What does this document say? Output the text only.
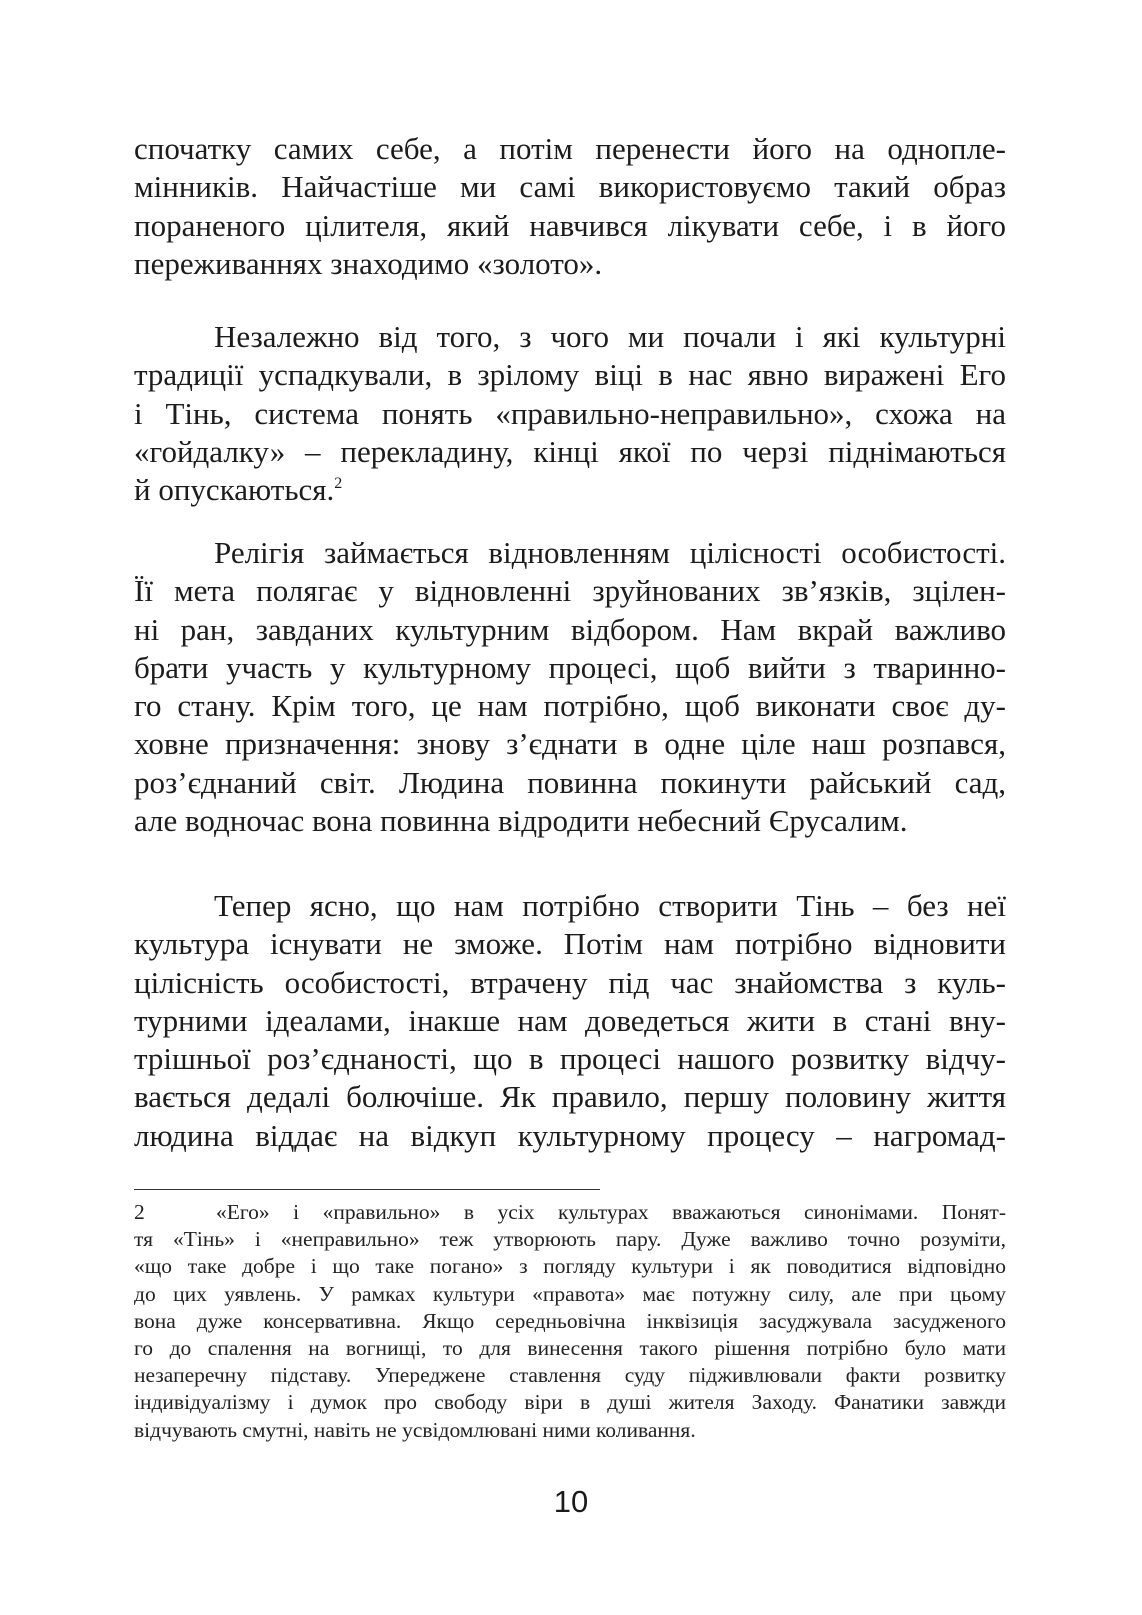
спочатку самих себе, а потім перенести його на одноплe-
мінників. Найчастіше ми самі використовуємо такий образ
пораненого цілителя, який навчився лікувати себе, і в його
переживаннях знаходимо «золото».
Незалежно від того, з чого ми почали і які культурні
традиції успадкували, в зрілому віці в нас явно виражені Его
і Тінь, система понять «правильно-неправильно», схожа на
«гойдалку» – перекладину, кінці якої по черзі піднімаються
й опускаються.$^2$
Релігія займається відновленням цілісності особистості.
Її мета полягає у відновленні зруйнованих зв’язків, зцілен-
ні ран, завданих культурним відбором. Нам вкрай важливо
брати участь у культурному процесі, щоб вийти з тваринно-
го стану. Крім того, це нам потрібно, щоб виконати своє ду-
ховне призначення: знову з’єднати в одне ціле наш розпався,
роз’єднаний світ. Людина повинна покинути райський сад,
але водночас вона повинна відродити небесний Єрусалим.
Тепер ясно, що нам потрібно створити Тінь – без неї
культура існувати не зможе. Потім нам потрібно відновити
цілісність особистості, втрачену під час знайомства з куль-
турними ідеалами, інакше нам доведеться жити в стані вну-
трішньої роз’єднаності, що в процесі нашого розвитку відчу-
вається дедалі болючіше. Як правило, першу половину життя
людина віддає на відкуп культурному процесу – нагромад-
2	«Его» і «правильно» в усіх культурах вважаються синонімами. Понят-
тя «Тінь» і «неправильно» теж утворюють пару. Дуже важливо точно розуміти,
«що таке добре і що таке погано» з погляду культури і як поводитися відповідно
до цих уявлень. У рамках культури «правота» має потужну силу, але при цьому
вона дуже консервативна. Якщо середньовічна інквізиція засуджувала засудженого
го до спалення на вогнищі, то для винесення такого рішення потрібно було мати
незаперечну підставу. Упереджене ставлення суду підживлювали факти розвитку
індивідуалізму і думок про свободу віри в душі жителя Заходу. Фанатики завжди
відчувають смутні, навіть не усвідомлювані ними коливання.
10
